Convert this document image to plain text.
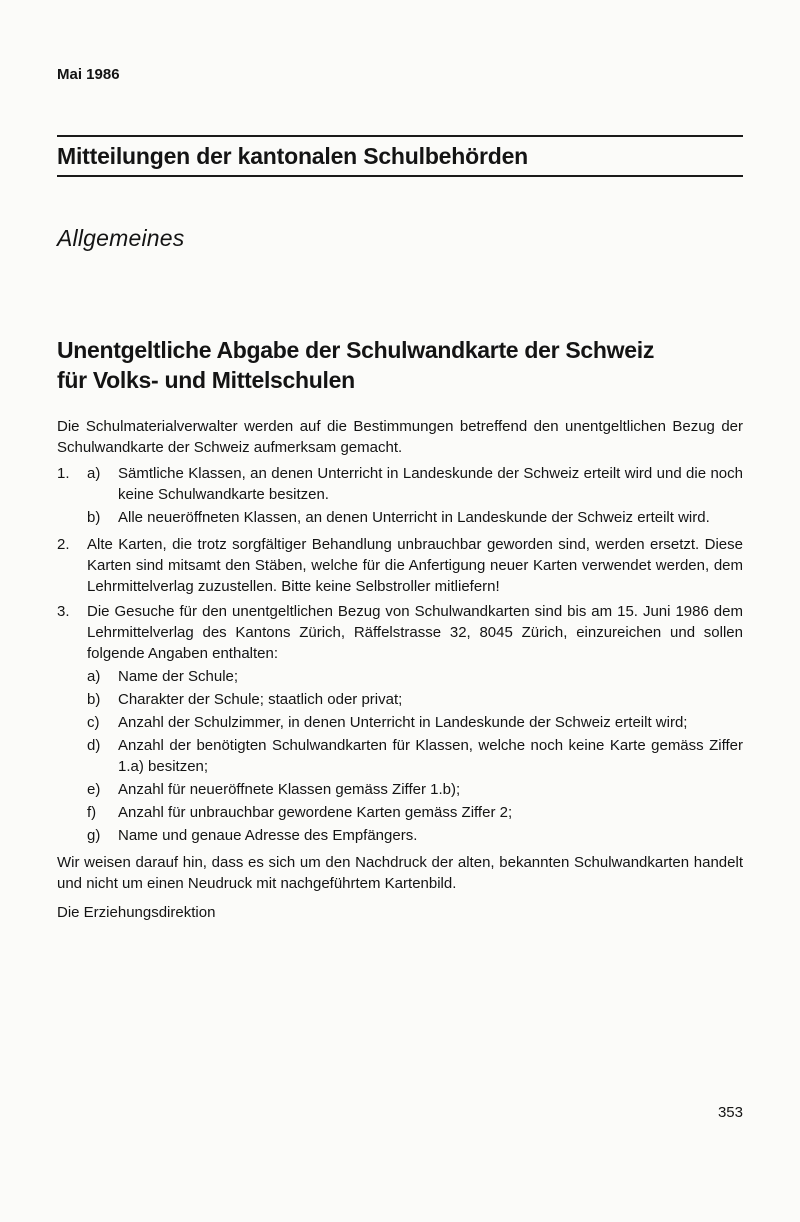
Mai 1986
Mitteilungen der kantonalen Schulbehörden
Allgemeines
Unentgeltliche Abgabe der Schulwandkarte der Schweiz
für Volks- und Mittelschulen

Die Schulmaterialverwalter werden auf die Bestimmungen betreffend den unentgeltlichen Bezug der Schulwandkarte der Schweiz aufmerksam gemacht.

1.	a)	Sämtliche Klassen, an denen Unterricht in Landeskunde der Schweiz erteilt wird und die noch keine Schulwandkarte besitzen.
b)	Alle neueröffneten Klassen, an denen Unterricht in Landeskunde der Schweiz erteilt wird.
2.	Alte Karten, die trotz sorgfältiger Behandlung unbrauchbar geworden sind, werden ersetzt. Diese Karten sind mitsamt den Stäben, welche für die Anfertigung neuer Karten verwendet werden, dem Lehrmittelverlag zuzustellen. Bitte keine Selbstroller mitliefern!

3.	Die Gesuche für den unentgeltlichen Bezug von Schulwandkarten sind bis am 15. Juni 1986 dem Lehrmittelverlag des Kantons Zürich, Räffelstrasse 32, 8045 Zürich, einzureichen und sollen folgende Angaben enthalten:

a)	Name der Schule;
b)	Charakter der Schule; staatlich oder privat;
c)	Anzahl der Schulzimmer, in denen Unterricht in Landeskunde der Schweiz erteilt wird;
d)	Anzahl der benötigten Schulwandkarten für Klassen, welche noch keine Karte gemäss Ziffer 1.a) besitzen;
e)	Anzahl für neueröffnete Klassen gemäss Ziffer 1.b);
f)	Anzahl für unbrauchbar gewordene Karten gemäss Ziffer 2;
g)	Name und genaue Adresse des Empfängers.

Wir weisen darauf hin, dass es sich um den Nachdruck der alten, bekannten Schulwandkarten handelt und nicht um einen Neudruck mit nachgeführtem Kartenbild.

Die Erziehungsdirektion

353
